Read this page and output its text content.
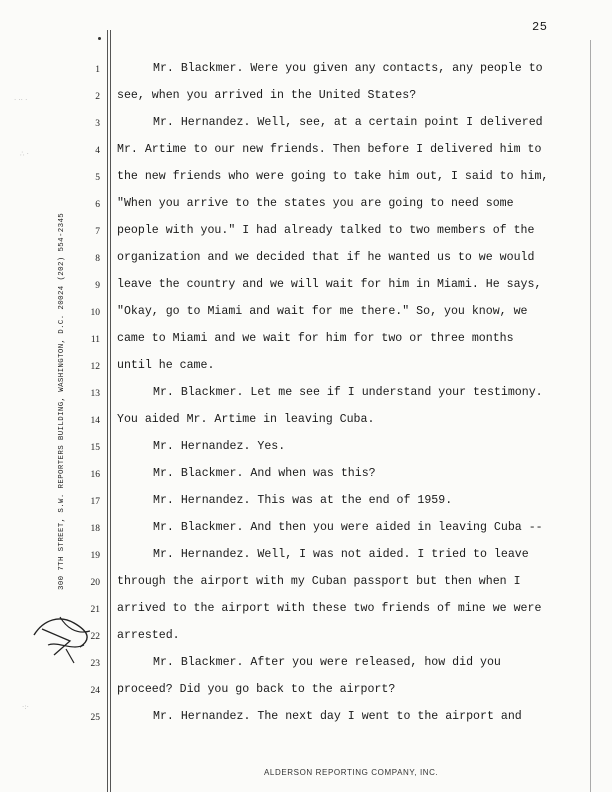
25
300 7TH STREET, S.W. REPORTERS BUILDING, WASHINGTON, D.C. 20024 (202) 554-2345
· ·· ·
∴ ·
·:·
1
2
3
4
5
6
7
8
9
10
11
12
13
14
15
16
17
18
19
20
21
22
23
24
25
Mr. Blackmer. Were you given any contacts, any people to
see, when you arrived in the United States?
Mr. Hernandez. Well, see, at a certain point I delivered
Mr. Artime to our new friends. Then before I delivered him to
the new friends who were going to take him out, I said to him,
"When you arrive to the states you are going to need some
people with you." I had already talked to two members of the
organization and we decided that if he wanted us to we would
leave the country and we will wait for him in Miami. He says,
"Okay, go to Miami and wait for me there." So, you know, we
came to Miami and we wait for him for two or three months
until he came.
Mr. Blackmer. Let me see if I understand your testimony.
You aided Mr. Artime in leaving Cuba.
Mr. Hernandez. Yes.
Mr. Blackmer. And when was this?
Mr. Hernandez. This was at the end of 1959.
Mr. Blackmer. And then you were aided in leaving Cuba --
Mr. Hernandez. Well, I was not aided. I tried to leave
through the airport with my Cuban passport but then when I
arrived to the airport with these two friends of mine we were
arrested.
Mr. Blackmer. After you were released, how did you
proceed? Did you go back to the airport?
Mr. Hernandez. The next day I went to the airport and
ALDERSON REPORTING COMPANY, INC.
